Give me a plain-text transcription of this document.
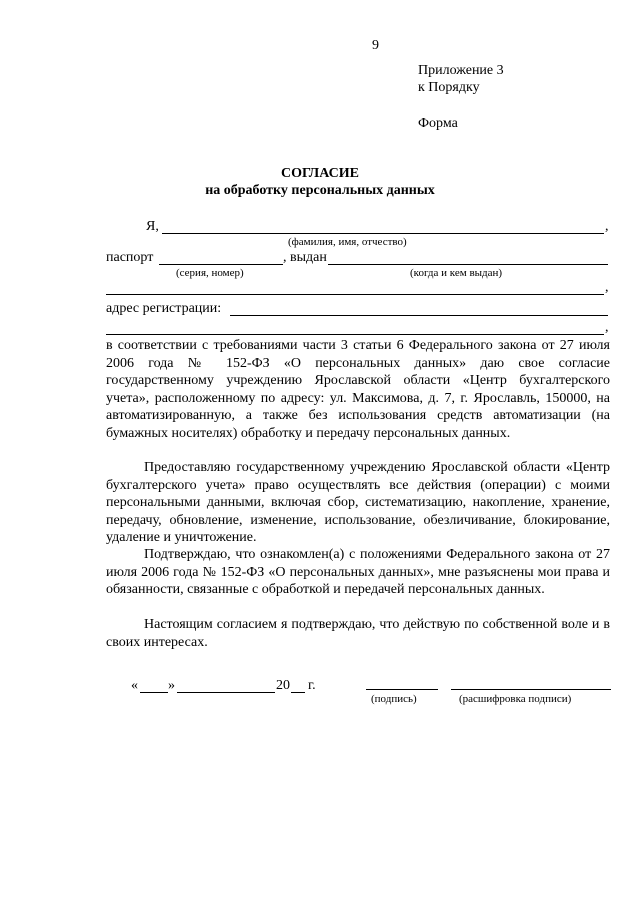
9
Приложение 3
к Порядку
Форма
СОГЛАСИЕ
на обработку персональных данных
Я,	,
(фамилия, имя, отчество)
паспорт	, выдан
(серия, номер)	(когда и кем выдан)
,
адрес регистрации:
,

в соответствии с требованиями части 3 статьи 6 Федерального закона от 27 июля 2006 года № 152-ФЗ «О персональных данных» даю свое согласие государственному учреждению Ярославской области «Центр бухгалтерского учета», расположенному по адресу: ул. Максимова, д. 7, г. Ярославль, 150000, на автоматизированную, а также без использования средств автоматизации (на бумажных носителях) обработку и передачу персональных данных.

Предоставляю государственному учреждению Ярославской области «Центр бухгалтерского учета» право осуществлять все действия (операции) с моими персональными данными, включая сбор, систематизацию, накопление, хранение, передачу, обновление, изменение, использование, обезличивание, блокирование, удаление и уничтожение.

Подтверждаю, что ознакомлен(а) с положениями Федерального закона от 27 июля 2006 года № 152-ФЗ «О персональных данных», мне разъяснены мои права и обязанности, связанные с обработкой и передачей персональных данных.

Настоящим согласием я подтверждаю, что действую по собственной воле и в своих интересах.

« »	20 г.
(подпись)	(расшифровка подписи)
